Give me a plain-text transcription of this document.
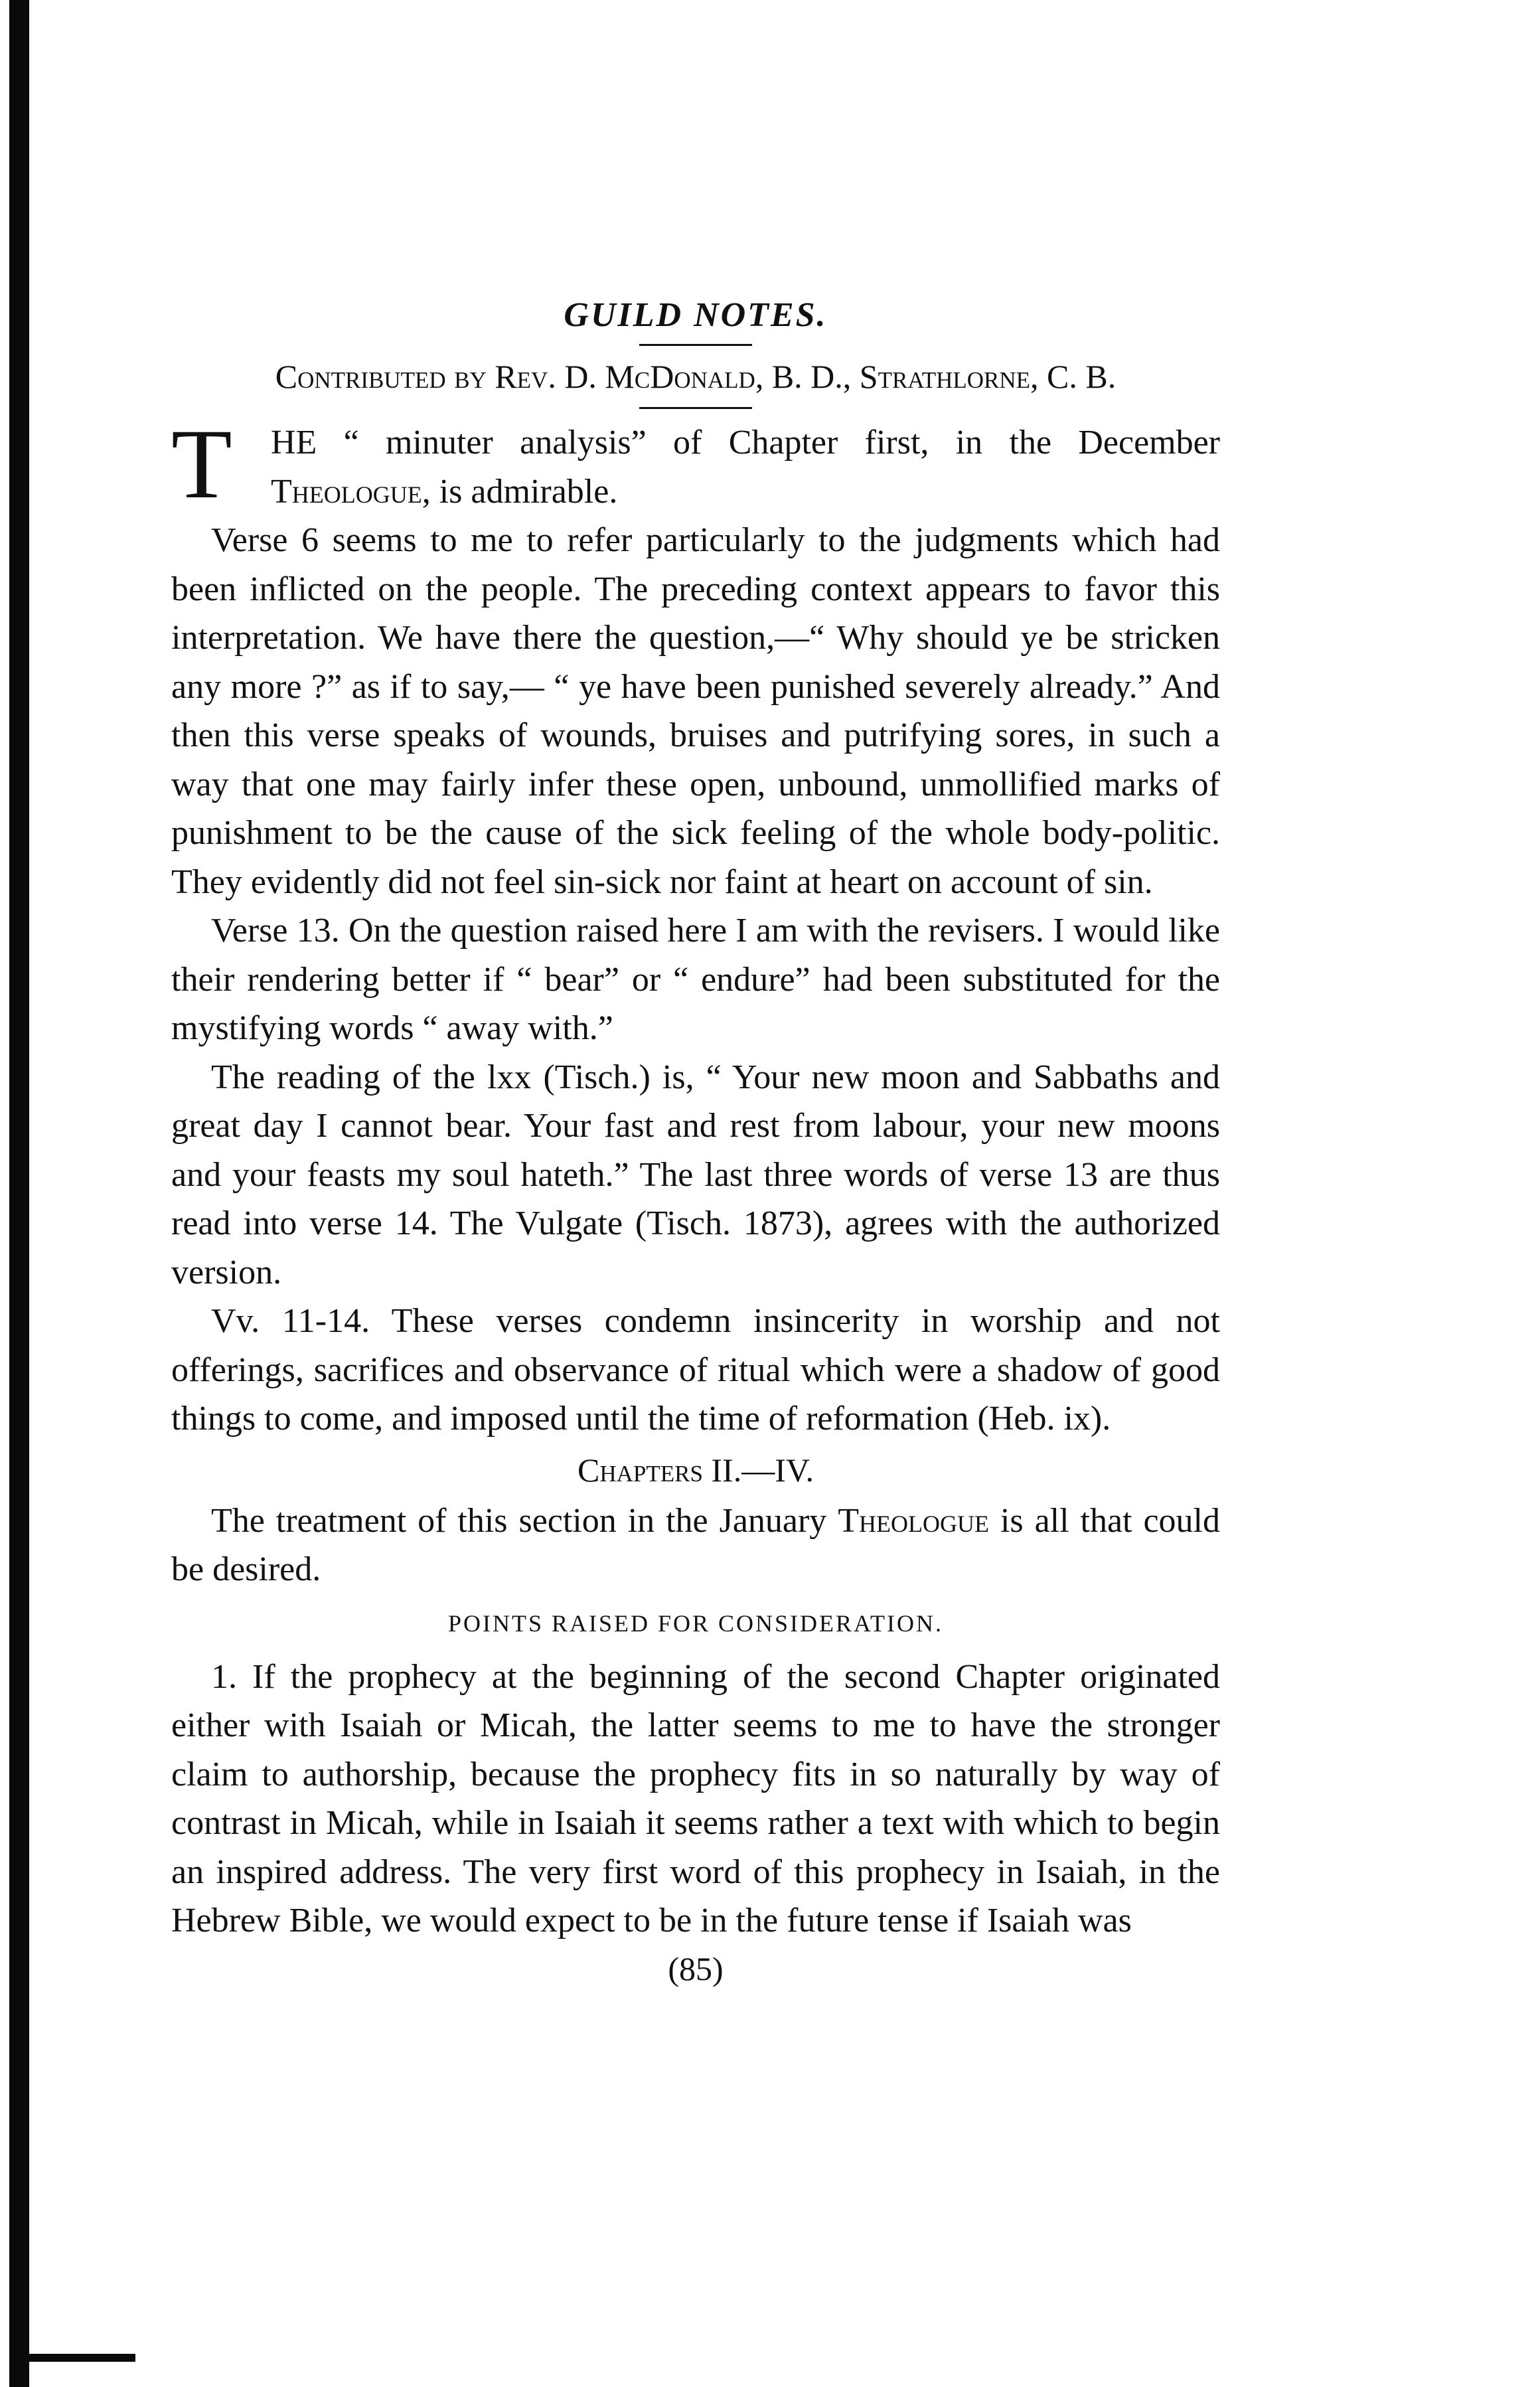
GUILD NOTES.

Contributed by Rev. D. McDonald, B. D., Strathlorne, C. B.

T HE “ minuter analysis” of Chapter first, in the December Theologue, is admirable.

Verse 6 seems to me to refer particularly to the judgments which had been inflicted on the people. The preceding context appears to favor this interpretation. We have there the question,—“ Why should ye be stricken any more ?” as if to say,— “ ye have been punished severely already.” And then this verse speaks of wounds, bruises and putrifying sores, in such a way that one may fairly infer these open, unbound, unmollified marks of punishment to be the cause of the sick feeling of the whole body-politic. They evidently did not feel sin-sick nor faint at heart on account of sin.

Verse 13. On the question raised here I am with the revisers. I would like their rendering better if “ bear” or “ endure” had been substituted for the mystifying words “ away with.”

The reading of the lxx (Tisch.) is, “ Your new moon and Sabbaths and great day I cannot bear. Your fast and rest from labour, your new moons and your feasts my soul hateth.” The last three words of verse 13 are thus read into verse 14. The Vulgate (Tisch. 1873), agrees with the authorized version.

Vv. 11-14. These verses condemn insincerity in worship and not offerings, sacrifices and observance of ritual which were a shadow of good things to come, and imposed until the time of reformation (Heb. ix).

Chapters II.—IV.

The treatment of this section in the January Theologue is all that could be desired.

POINTS RAISED FOR CONSIDERATION.

1. If the prophecy at the beginning of the second Chapter originated either with Isaiah or Micah, the latter seems to me to have the stronger claim to authorship, because the prophecy fits in so naturally by way of contrast in Micah, while in Isaiah it seems rather a text with which to begin an inspired address. The very first word of this prophecy in Isaiah, in the Hebrew Bible, we would expect to be in the future tense if Isaiah was

(85)
